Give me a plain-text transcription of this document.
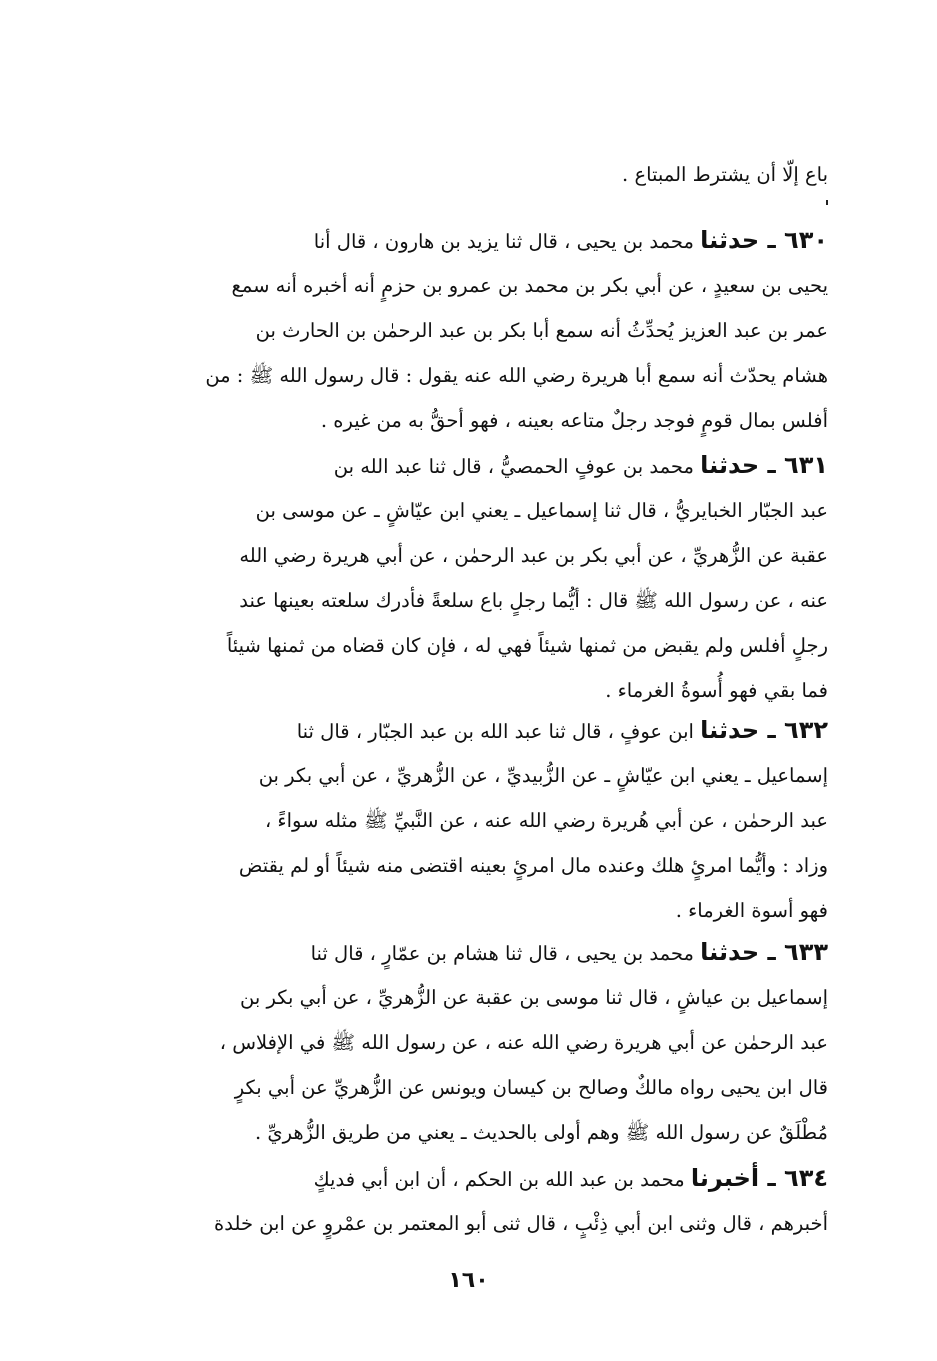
باع إلّا أن يشترط المبتاع .
٦٣٠ ـ حدثنا محمد بن يحيى ، قال ثنا يزيد بن هارون ، قال أنا
يحيى بن سعيدٍ ، عن أبي بكر بن محمد بن عمرو بن حزمٍ أنه أخبره أنه سمع
عمر بن عبد العزيز يُحدِّثُ أنه سمع أبا بكر بن عبد الرحمٰن بن الحارث بن
هشام يحدّث أنه سمع أبا هريرة رضي الله عنه يقول : قال رسول الله ﷺ : من
أفلس بمال قومٍ فوجد رجلٌ متاعه بعينه ، فهو أحقُّ به من غيره .
٦٣١ ـ حدثنا محمد بن عوفٍ الحمصيُّ ، قال ثنا عبد الله بن
عبد الجبّار الخبايريُّ ، قال ثنا إسماعيل ـ يعني ابن عيّاشٍ ـ عن موسى بن
عقبة عن الزُّهريِّ ، عن أبي بكر بن عبد الرحمٰن ، عن أبي هريرة رضي الله
عنه ، عن رسول الله ﷺ قال : أيُّما رجلٍ باع سلعةً فأدرك سلعته بعينها عند
رجلٍ أفلس ولم يقبض من ثمنها شيئاً فهي له ، فإن كان قضاه من ثمنها شيئاً
فما بقي فهو أُسوةُ الغرماء .
٦٣٢ ـ حدثنا ابن عوفٍ ، قال ثنا عبد الله بن عبد الجبّار ، قال ثنا
إسماعيل ـ يعني ابن عيّاشٍ ـ عن الزُّبيديِّ ، عن الزُّهريِّ ، عن أبي بكر بن
عبد الرحمٰن ، عن أبي هُريرة رضي الله عنه ، عن النَّبيِّ ﷺ مثله سواءً ،
وزاد : وأيُّما امرئٍ هلك وعنده مال امرئٍ بعينه اقتضى منه شيئاً أو لم يقتض
فهو أسوة الغرماء .
٦٣٣ ـ حدثنا محمد بن يحيى ، قال ثنا هشام بن عمّارٍ ، قال ثنا
إسماعيل بن عياشٍ ، قال ثنا موسى بن عقبة عن الزُّهريِّ ، عن أبي بكر بن
عبد الرحمٰن عن أبي هريرة رضي الله عنه ، عن رسول الله ﷺ في الإفلاس ،
قال ابن يحيى رواه مالكٌ وصالح بن كيسان ويونس عن الزُّهريِّ عن أبي بكرٍ
مُطْلَقٌ عن رسول الله ﷺ وهم أولى بالحديث ـ يعني من طريق الزُّهريِّ .
٦٣٤ ـ أخبرنا محمد بن عبد الله بن الحكم ، أن ابن أبي فديكٍ
أخبرهم ، قال وثنى ابن أبي ذِئْبٍ ، قال ثنى أبو المعتمر بن عمْروٍ عن ابن خلدة
١٦٠
